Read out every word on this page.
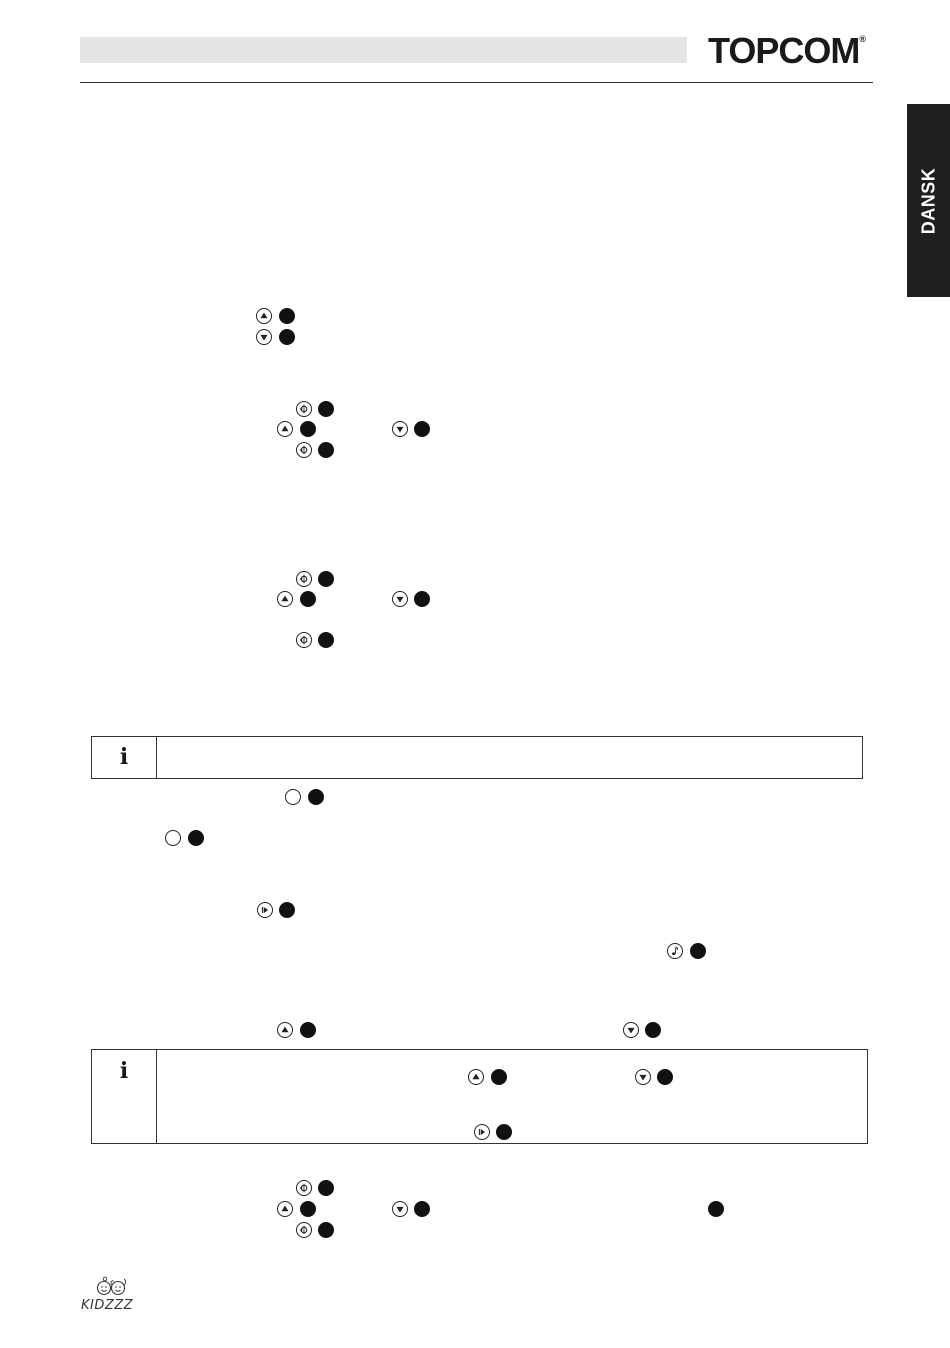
TOPCOM®
DANSK
i
i
KIDZZZ
